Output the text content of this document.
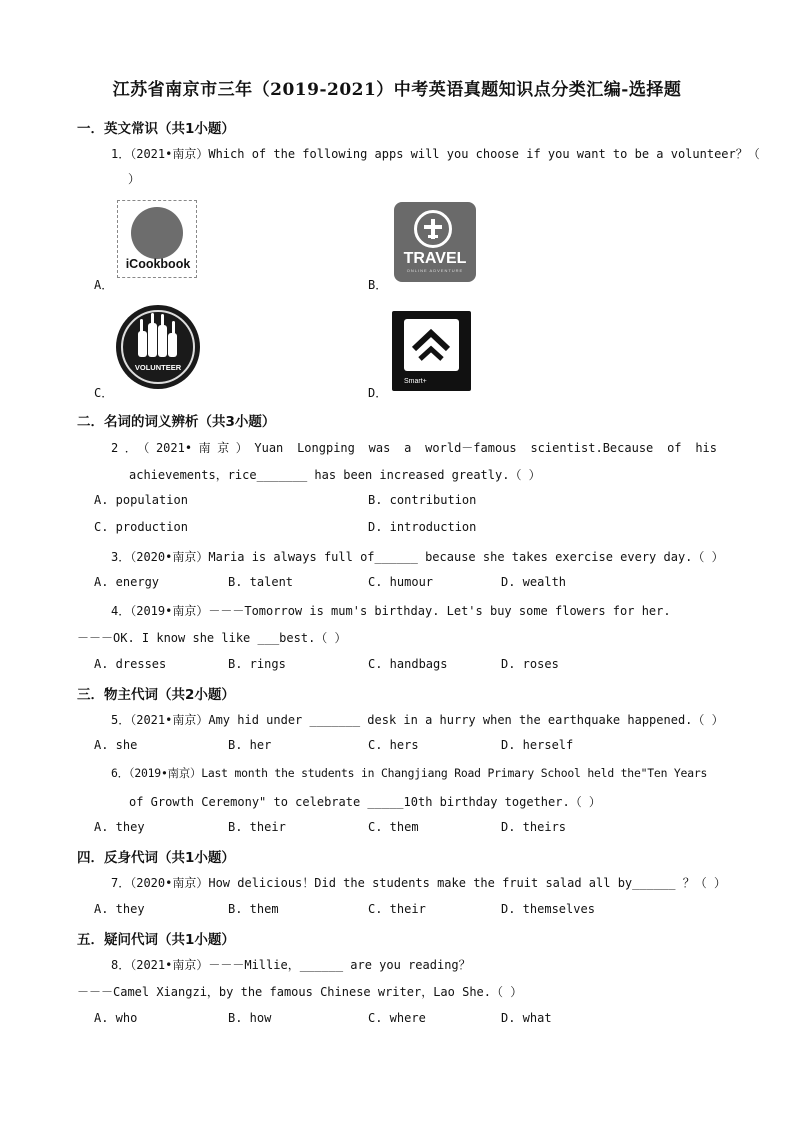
江苏省南京市三年（2019-2021）中考英语真题知识点分类汇编-选择题
一．英文常识（共1小题）
1．（2021•南京）Which of the following apps will you choose if you want to be a volunteer？（
）
iCookbook
A．
TRAVEL
ONLINE ADVENTURE
B．
VOLUNTEER
C．
Smart+
D．
二．名词的词义辨析（共3小题）
2．（2021•南京）Yuan Longping was a world－famous scientist.Because of his
achievements，rice_______ has been increased greatly.（ ）
A. population	B. contribution
C. production	D. introduction
3．（2020•南京）Maria is always full of______ because she takes exercise every day.（ ）
A. energy	B. talent	C. humour	D. wealth
4．（2019•南京）－－－Tomorrow is mum's birthday. Let's buy some flowers for her.
－－－OK. I know she like ___best.（ ）
A. dresses	B. rings	C. handbags	D. roses
三．物主代词（共2小题）
5．（2021•南京）Amy hid under _______ desk in a hurry when the earthquake happened.（ ）
A. she	B. her	C. hers	D. herself
6．（2019•南京）Last month the students in Changjiang Road Primary School held the"Ten Years
of Growth Ceremony" to celebrate _____10th birthday together.（ ）
A. they	B. their	C. them	D. theirs
四．反身代词（共1小题）
7．（2020•南京）How delicious！Did the students make the fruit salad all by______ ？（ ）
A. they	B. them	C. their	D. themselves
五．疑问代词（共1小题）
8．（2021•南京）－－－Millie，______ are you reading？
－－－Camel Xiangzi，by the famous Chinese writer，Lao She.（ ）
A. who	B. how	C. where	D. what
